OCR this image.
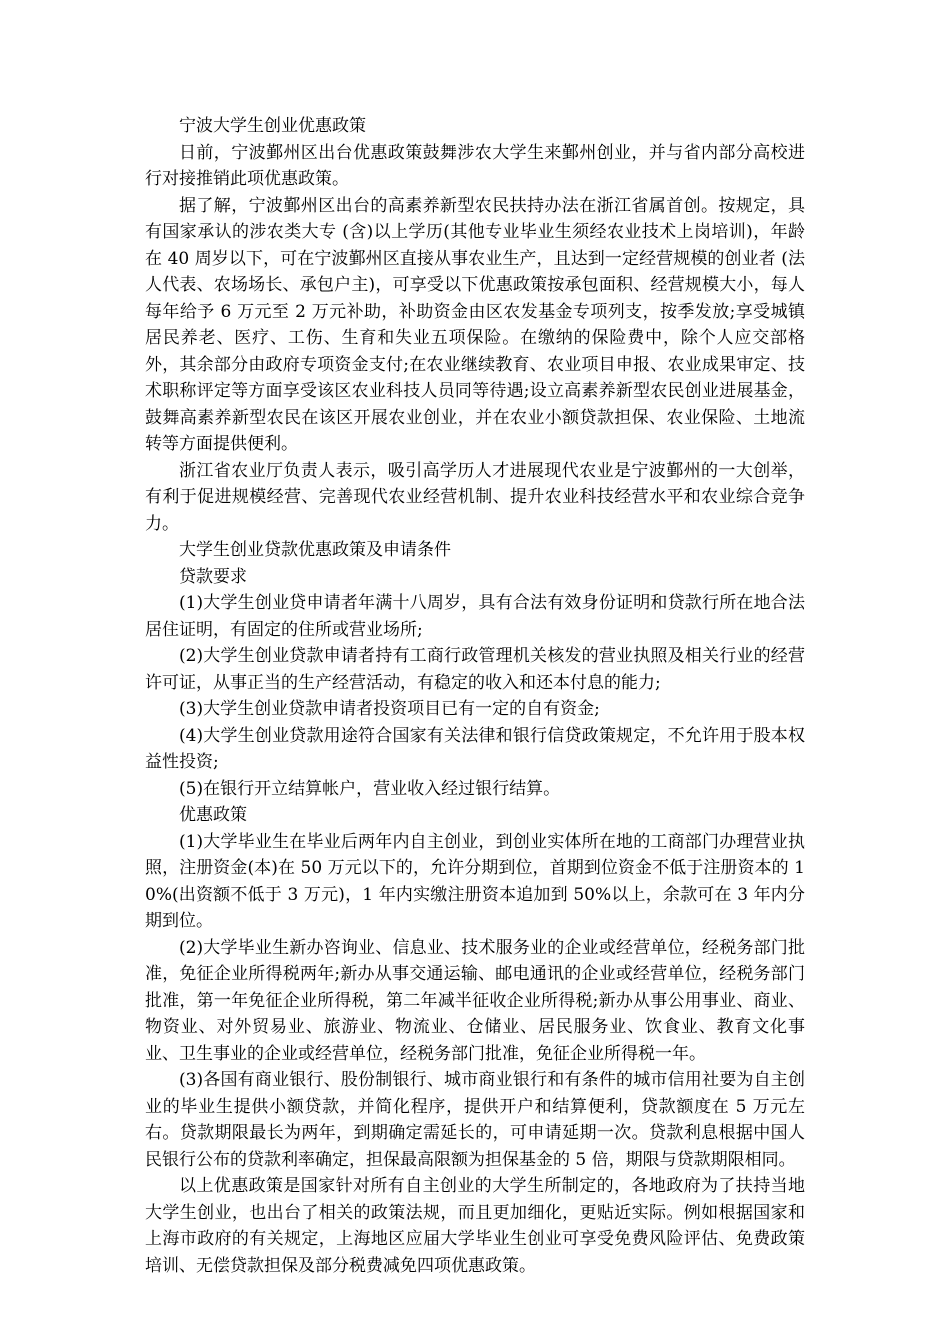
宁波大学生创业优惠政策

日前，宁波鄞州区出台优惠政策鼓舞涉农大学生来鄞州创业，并与省内部分高校进行对接推销此项优惠政策。

据了解，宁波鄞州区出台的高素养新型农民扶持办法在浙江省属首创。按规定，具有国家承认的涉农类大专 (含)以上学历(其他专业毕业生须经农业技术上岗培训)，年龄在 40 周岁以下，可在宁波鄞州区直接从事农业生产，且达到一定经营规模的创业者 (法人代表、农场场长、承包户主)，可享受以下优惠政策按承包面积、经营规模大小，每人每年给予 6 万元至 2 万元补助，补助资金由区农发基金专项列支，按季发放;享受城镇居民养老、医疗、工伤、生育和失业五项保险。在缴纳的保险费中，除个人应交部格外，其余部分由政府专项资金支付;在农业继续教育、农业项目申报、农业成果审定、技术职称评定等方面享受该区农业科技人员同等待遇;设立高素养新型农民创业进展基金，鼓舞高素养新型农民在该区开展农业创业，并在农业小额贷款担保、农业保险、土地流转等方面提供便利。

浙江省农业厅负责人表示，吸引高学历人才进展现代农业是宁波鄞州的一大创举，有利于促进规模经营、完善现代农业经营机制、提升农业科技经营水平和农业综合竞争力。

大学生创业贷款优惠政策及申请条件

贷款要求

(1)大学生创业贷申请者年满十八周岁，具有合法有效身份证明和贷款行所在地合法居住证明，有固定的住所或营业场所;

(2)大学生创业贷款申请者持有工商行政管理机关核发的营业执照及相关行业的经营许可证，从事正当的生产经营活动，有稳定的收入和还本付息的能力;

(3)大学生创业贷款申请者投资项目已有一定的自有资金;

(4)大学生创业贷款用途符合国家有关法律和银行信贷政策规定，不允许用于股本权益性投资;

(5)在银行开立结算帐户，营业收入经过银行结算。

优惠政策

(1)大学毕业生在毕业后两年内自主创业，到创业实体所在地的工商部门办理营业执照，注册资金(本)在 50 万元以下的，允许分期到位，首期到位资金不低于注册资本的 10%(出资额不低于 3 万元)，1 年内实缴注册资本追加到 50%以上，余款可在 3 年内分期到位。

(2)大学毕业生新办咨询业、信息业、技术服务业的企业或经营单位，经税务部门批准，免征企业所得税两年;新办从事交通运输、邮电通讯的企业或经营单位，经税务部门批准，第一年免征企业所得税，第二年减半征收企业所得税;新办从事公用事业、商业、物资业、对外贸易业、旅游业、物流业、仓储业、居民服务业、饮食业、教育文化事业、卫生事业的企业或经营单位，经税务部门批准，免征企业所得税一年。

(3)各国有商业银行、股份制银行、城市商业银行和有条件的城市信用社要为自主创业的毕业生提供小额贷款，并简化程序，提供开户和结算便利，贷款额度在 5 万元左右。贷款期限最长为两年，到期确定需延长的，可申请延期一次。贷款利息根据中国人民银行公布的贷款利率确定，担保最高限额为担保基金的 5 倍，期限与贷款期限相同。

以上优惠政策是国家针对所有自主创业的大学生所制定的，各地政府为了扶持当地大学生创业，也出台了相关的政策法规，而且更加细化，更贴近实际。例如根据国家和上海市政府的有关规定，上海地区应届大学毕业生创业可享受免费风险评估、免费政策培训、无偿贷款担保及部分税费减免四项优惠政策。
